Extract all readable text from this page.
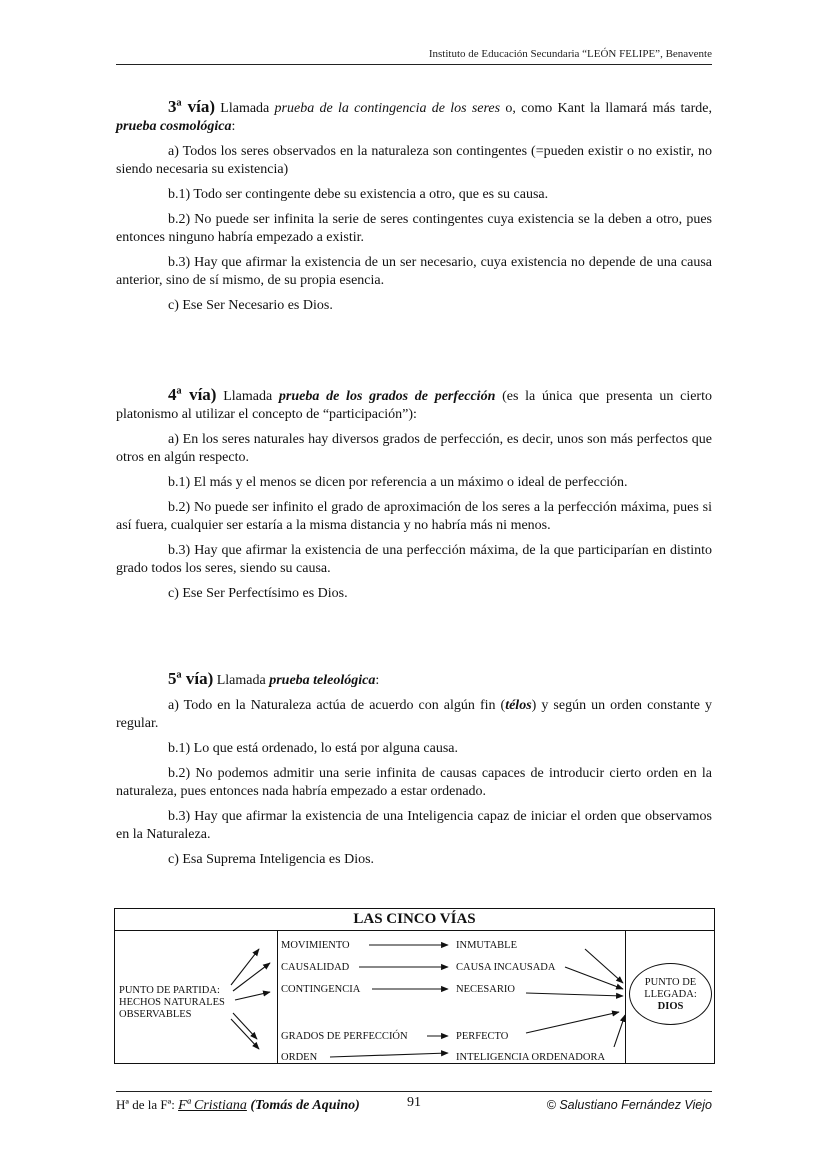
Instituto de Educación Secundaria “LEÓN FELIPE”, Benavente

3ª vía) Llamada prueba de la contingencia de los seres o, como Kant la llamará más tarde, prueba cosmológica:

a) Todos los seres observados en la naturaleza son contingentes (=pueden existir o no existir, no siendo necesaria su existencia)

b.1) Todo ser contingente debe su existencia a otro, que es su causa.

b.2) No puede ser infinita la serie de seres contingentes cuya existencia se la deben a otro, pues entonces ninguno habría empezado a existir.

b.3) Hay que afirmar la existencia de un ser necesario, cuya existencia no depende de una causa anterior, sino de sí mismo, de su propia esencia.

c) Ese Ser Necesario es Dios.

4ª vía) Llamada prueba de los grados de perfección (es la única que presenta un cierto platonismo al utilizar el concepto de “participación”):

a) En los seres naturales hay diversos grados de perfección, es decir, unos son más perfectos que otros en algún respecto.

b.1) El más y el menos se dicen por referencia a un máximo o ideal de perfección.

b.2) No puede ser infinito el grado de aproximación de los seres a la perfección máxima, pues si así fuera, cualquier ser estaría a la misma distancia y no habría más ni menos.

b.3) Hay que afirmar la existencia de una perfección máxima, de la que participarían en distinto grado todos los seres, siendo su causa.

c) Ese Ser Perfectísimo es Dios.

5ª vía) Llamada prueba teleológica:

a) Todo en la Naturaleza actúa de acuerdo con algún fin (télos) y según un orden constante y regular.

b.1) Lo que está ordenado, lo está por alguna causa.

b.2) No podemos admitir una serie infinita de causas capaces de introducir cierto orden en la naturaleza, pues entonces nada habría empezado a estar ordenado.

b.3) Hay que afirmar la existencia de una Inteligencia capaz de iniciar el orden que observamos en la Naturaleza.

c) Esa Suprema Inteligencia es Dios.

LAS CINCO VÍAS
PUNTO DE PARTIDA:
HECHOS NATURALES
OBSERVABLES
MOVIMIENTO
CAUSALIDAD
CONTINGENCIA
GRADOS DE PERFECCIÓN
ORDEN
INMUTABLE
CAUSA INCAUSADA
NECESARIO
PERFECTO
INTELIGENCIA ORDENADORA
PUNTO DE
LLEGADA:
DIOS
Hª de la Fª: Fª Cristiana (Tomás de Aquino)	91	© Salustiano Fernández Viejo
